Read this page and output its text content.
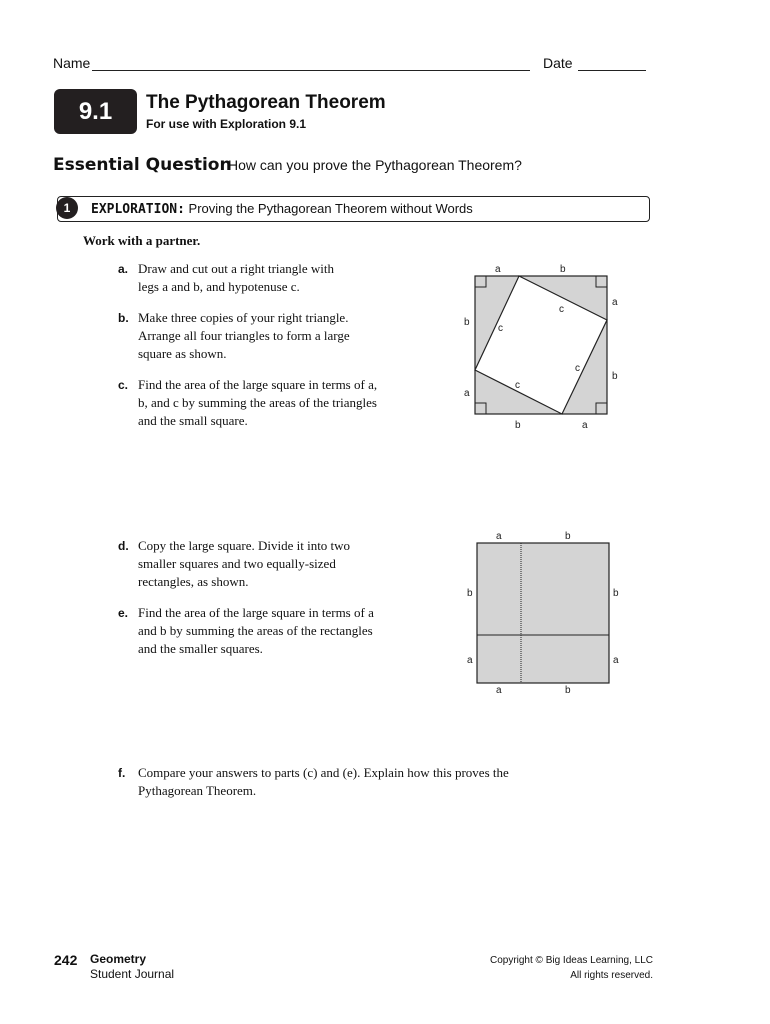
Name	Date
9.1	The Pythagorean Theorem
For use with Exploration 9.1
Essential Question
How can you prove the Pythagorean Theorem?
1	EXPLORATION: Proving the Pythagorean Theorem without Words
Work with a partner.
a. Draw and cut out a right triangle with
legs a and b, and hypotenuse c.
b. Make three copies of your right triangle.
Arrange all four triangles to form a large
square as shown.
c. Find the area of the large square in terms of a,
b, and c by summing the areas of the triangles
and the small square.
d. Copy the large square. Divide it into two
smaller squares and two equally-sized
rectangles, as shown.
e. Find the area of the large square in terms of a
and b by summing the areas of the rectangles
and the smaller squares.
f. Compare your answers to parts (c) and (e). Explain how this proves the
Pythagorean Theorem.
a	b
a
b
b
a
b	a
c
c
c
c
a	b
b
a
b
a
a	b
242 Geometry
Student Journal
Copyright © Big Ideas Learning, LLC
All rights reserved.
